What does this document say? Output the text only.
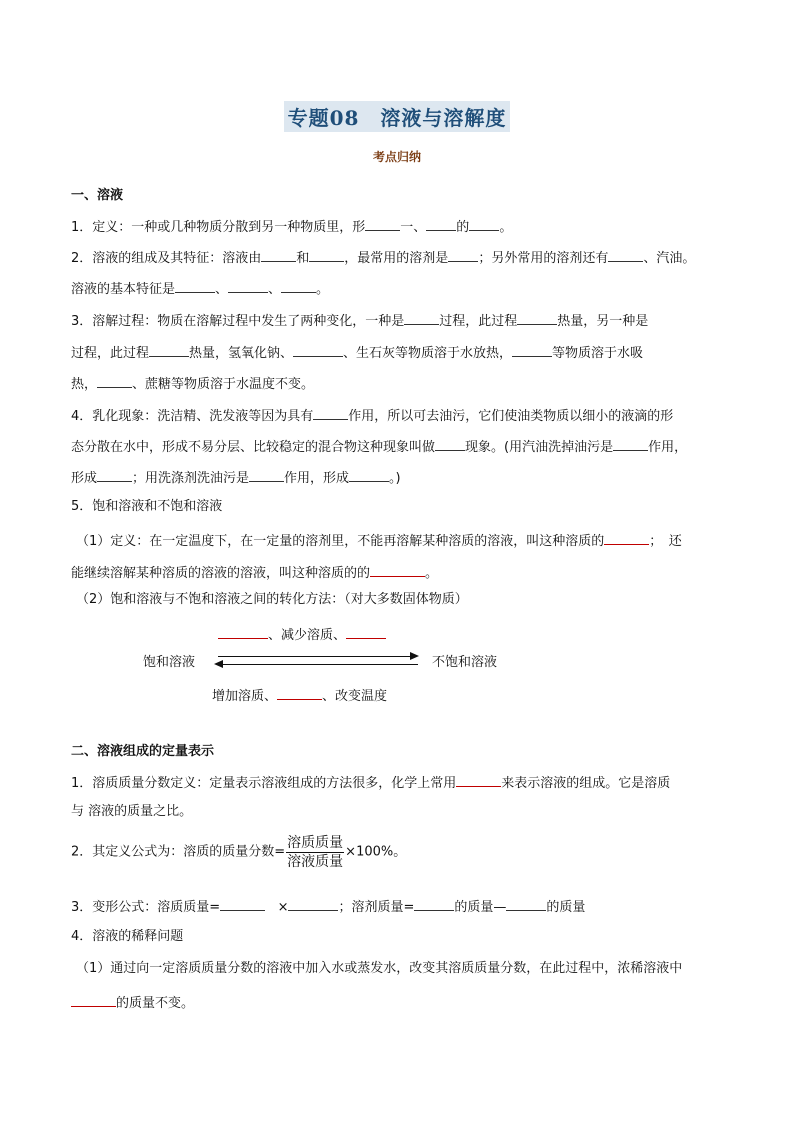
专题08　溶液与溶解度
考点归纳
一、溶液
1．定义：一种或几种物质分散到另一种物质里，形	一、 的 。
2．溶液的组成及其特征：溶液由	和	，最常用的溶剂是 ；另外常用的溶剂还有	、汽油。
溶液的基本特征是	、	、	。
3．溶解过程：物质在溶解过程中发生了两种变化，一种是	过程，此过程	热量，另一种是
过程，此过程	热量，氢氧化钠、	、生石灰等物质溶于水放热，	等物质溶于水吸
热，	、蔗糖等物质溶于水温度不变。
4．乳化现象：洗洁精、洗发液等因为具有	作用，所以可去油污，它们使油类物质以细小的液滴的形
态分散在水中，形成不易分层、比较稳定的混合物这种现象叫做 现象。(用汽油洗掉油污是	作用，
形成	；用洗涤剂洗油污是	作用，形成	。)
5．饱和溶液和不饱和溶液
（1）定义：在一定温度下，在一定量的溶剂里，不能再溶解某种溶质的溶液，叫这种溶质的	；　还
能继续溶解某种溶质的溶液的溶液，叫这种溶质的的	。
（2）饱和溶液与不饱和溶液之间的转化方法：（对大多数固体物质）
、减少溶质、
饱和溶液	不饱和溶液
增加溶质、	、改变温度
二、溶液组成的定量表示
1．溶质质量分数定义：定量表示溶液组成的方法很多，化学上常用	来表示溶液的组成。它是溶质
与 溶液的质量之比。
2．其定义公式为：溶质的质量分数= $\frac{\text{溶质质量}}{\text{溶液质量}} \times 100\%$。
3．变形公式：溶质质量=	×	；溶剂质量=	的质量—	的质量
4．溶液的稀释问题
（1）通过向一定溶质质量分数的溶液中加入水或蒸发水，改变其溶质质量分数，在此过程中，浓稀溶液中
的质量不变。
